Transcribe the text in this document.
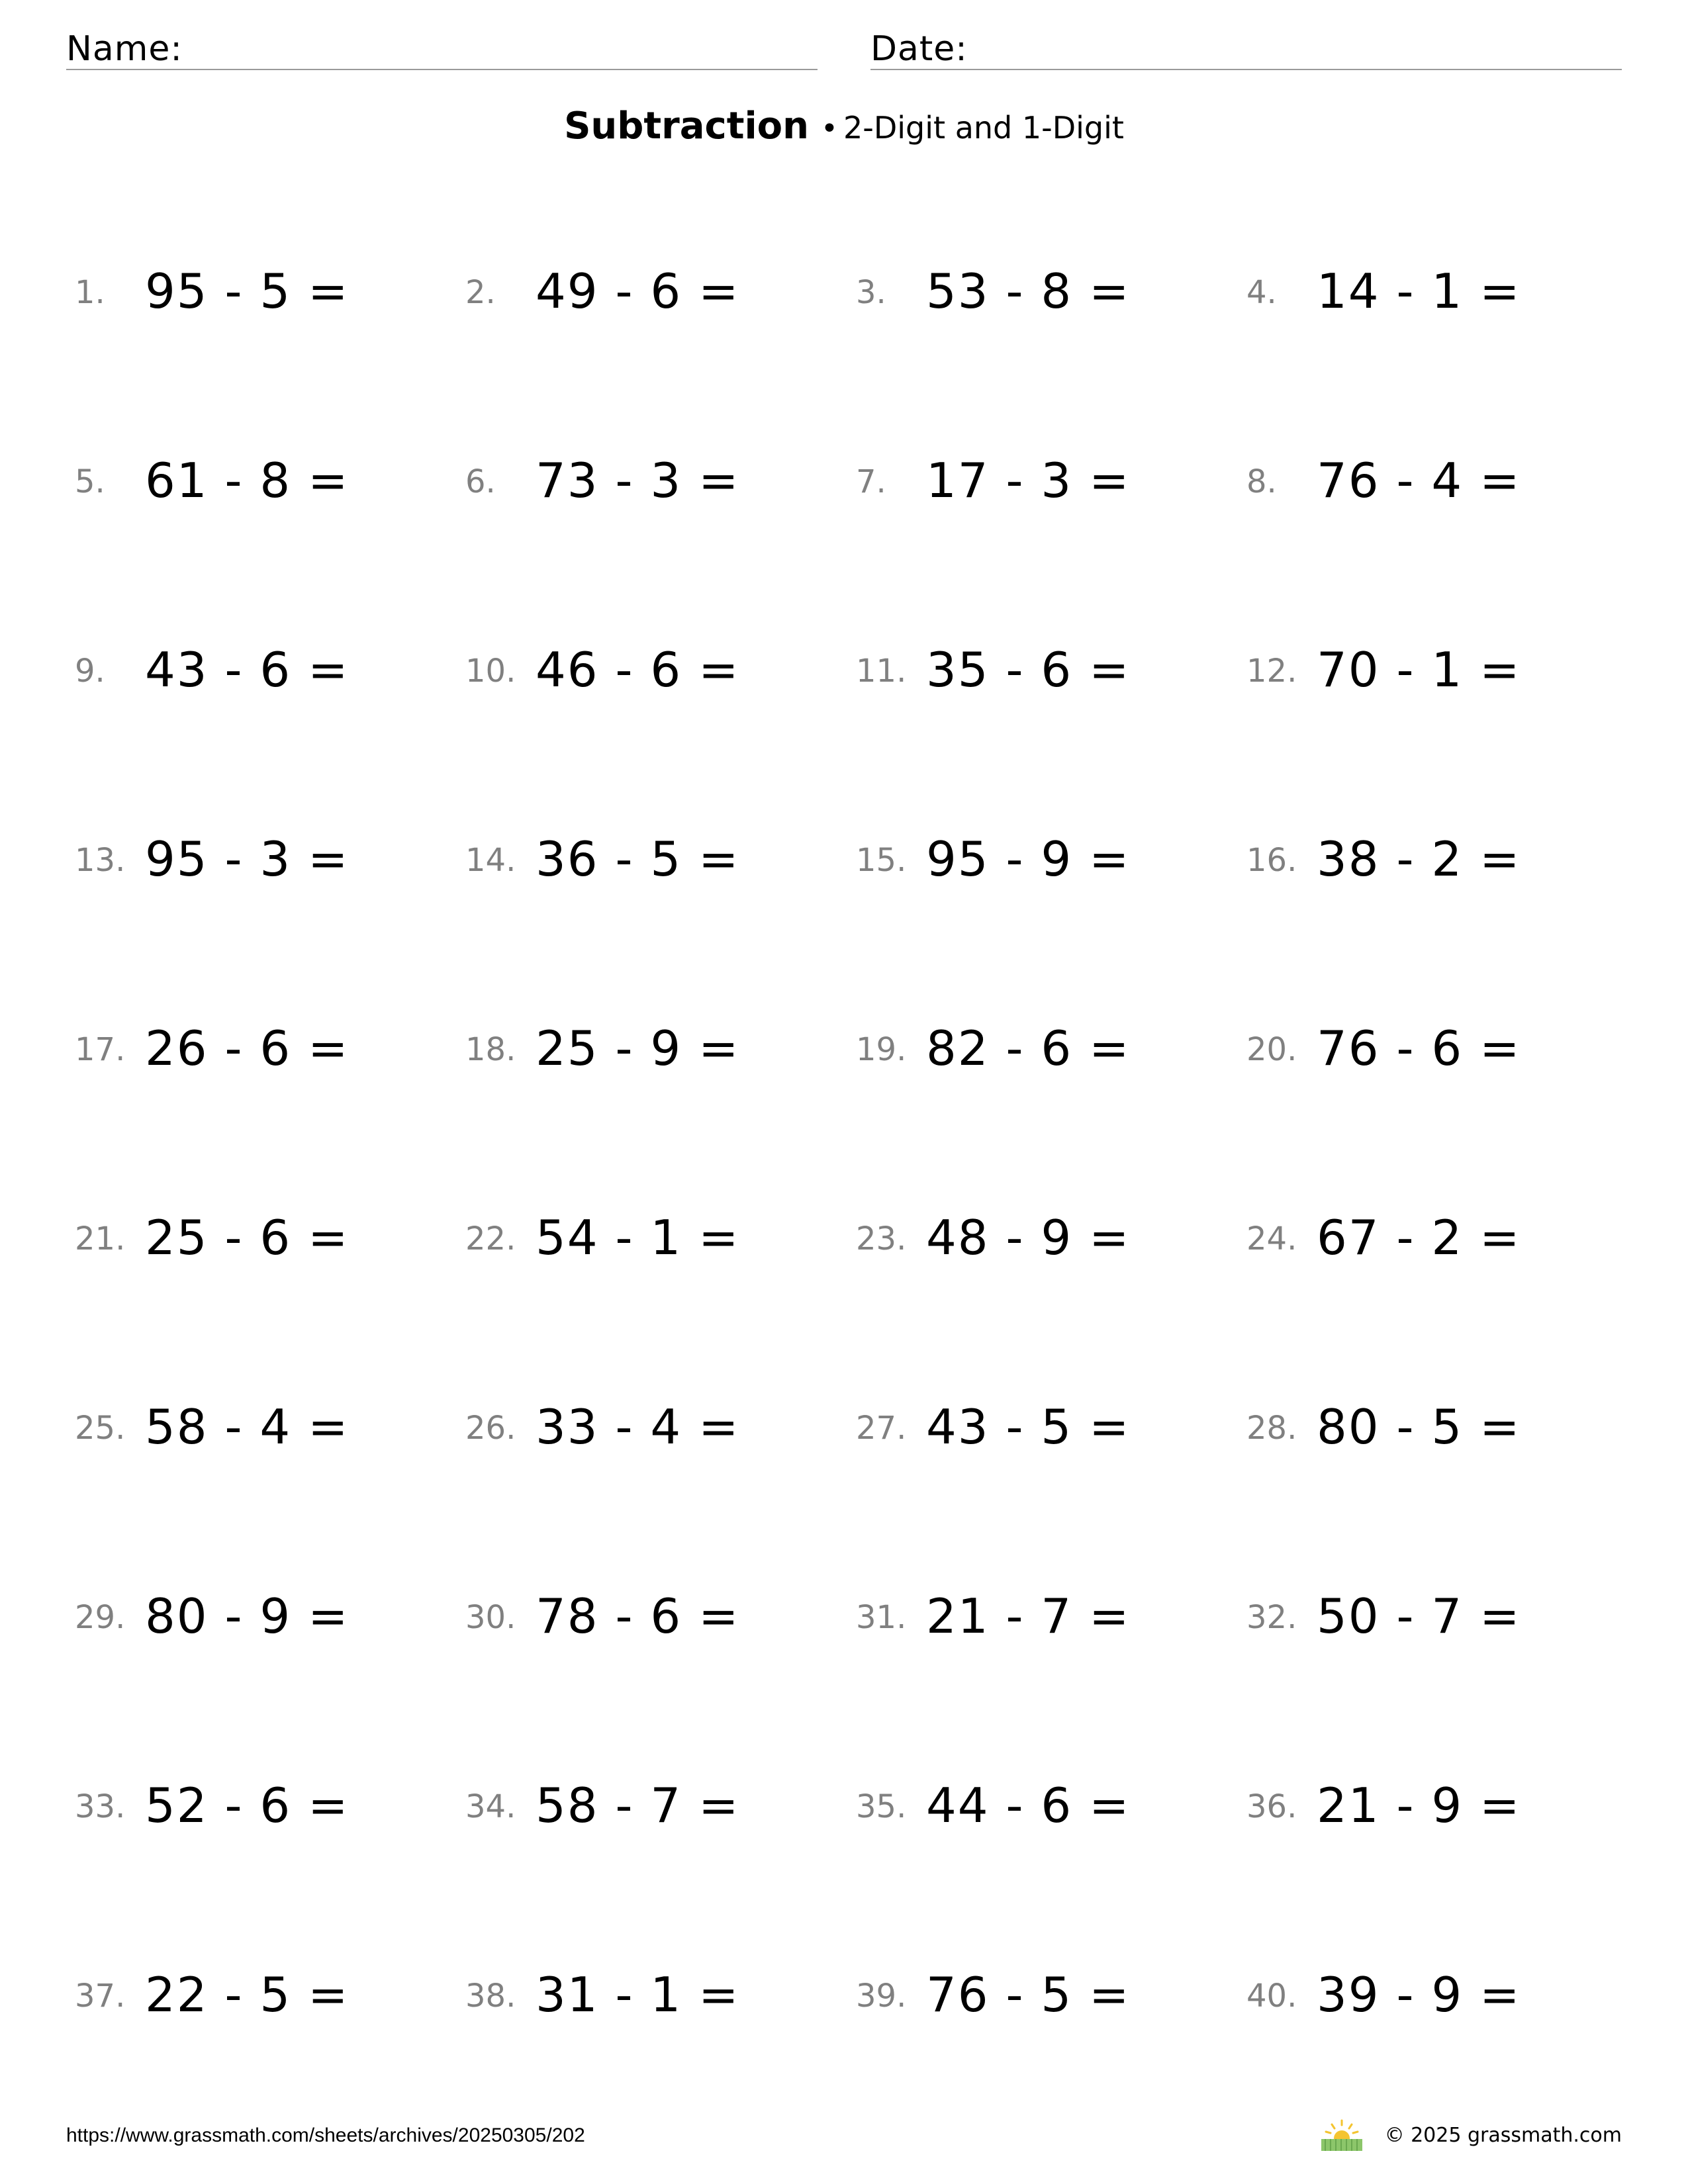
Name:	Date:
Subtraction • 2-Digit and 1-Digit
1. 95 - 5 =	2. 49 - 6 =	3. 53 - 8 =	4. 14 - 1 =
5. 61 - 8 =	6. 73 - 3 =	7. 17 - 3 =	8. 76 - 4 =
9. 43 - 6 =	10. 46 - 6 =	11. 35 - 6 =	12. 70 - 1 =
13. 95 - 3 =	14. 36 - 5 =	15. 95 - 9 =	16. 38 - 2 =
17. 26 - 6 =	18. 25 - 9 =	19. 82 - 6 =	20. 76 - 6 =
21. 25 - 6 =	22. 54 - 1 =	23. 48 - 9 =	24. 67 - 2 =
25. 58 - 4 =	26. 33 - 4 =	27. 43 - 5 =	28. 80 - 5 =
29. 80 - 9 =	30. 78 - 6 =	31. 21 - 7 =	32. 50 - 7 =
33. 52 - 6 =	34. 58 - 7 =	35. 44 - 6 =	36. 21 - 9 =
37. 22 - 5 =	38. 31 - 1 =	39. 76 - 5 =	40. 39 - 9 =
https://www.grassmath.com/sheets/archives/20250305/202	© 2025 grassmath.com
